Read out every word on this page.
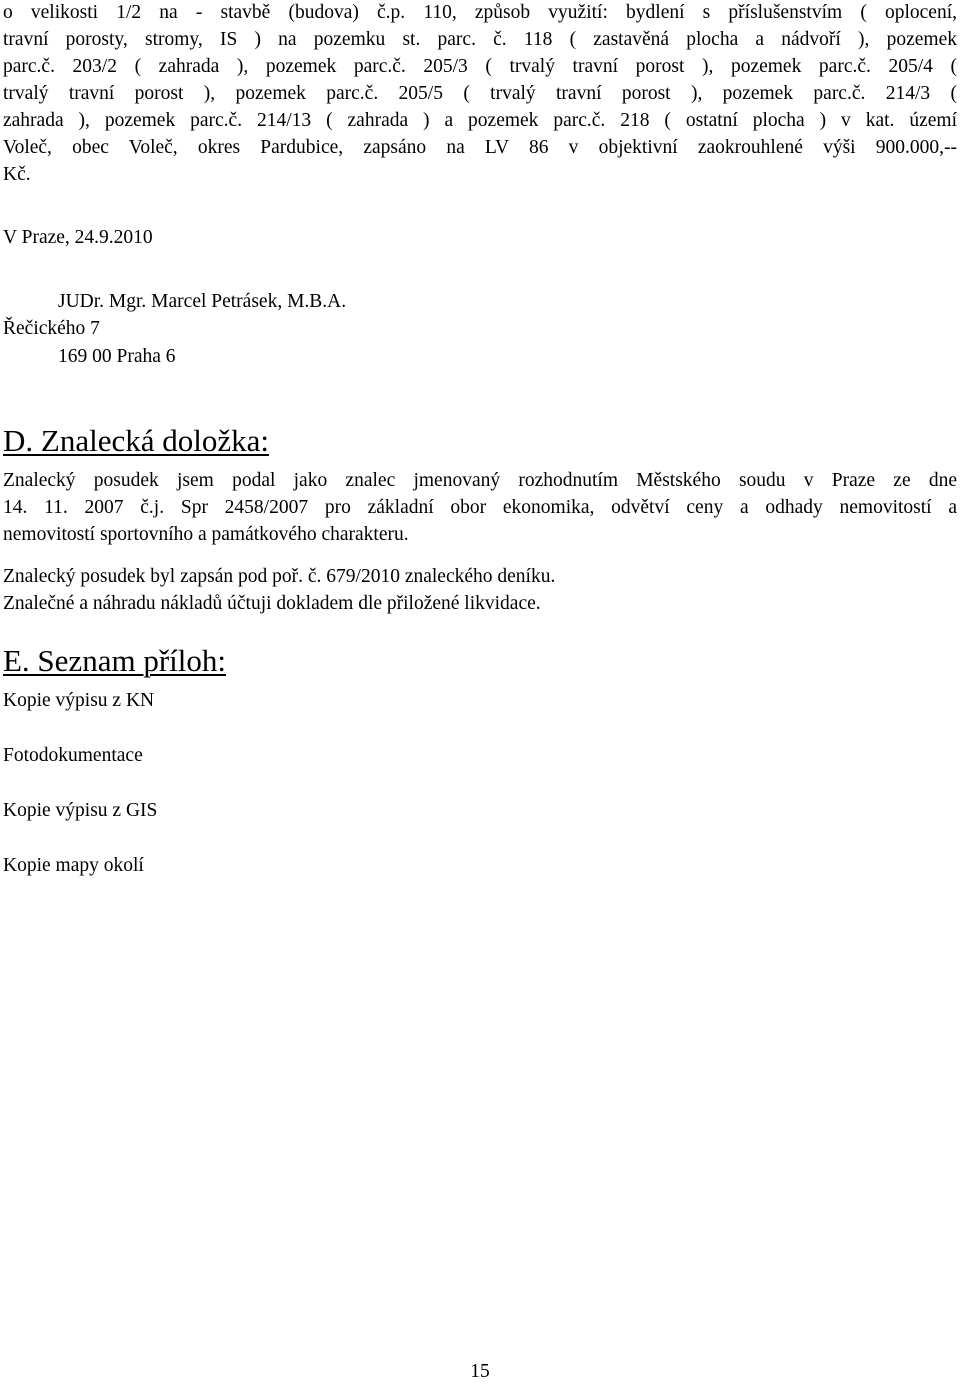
o velikosti 1/2 na - stavbě (budova) č.p. 110, způsob využití: bydlení s příslušenstvím ( oplocení,
travní porosty, stromy, IS ) na pozemku st. parc. č. 118 ( zastavěná plocha a nádvoří ), pozemek
parc.č. 203/2 ( zahrada ), pozemek parc.č. 205/3 ( trvalý travní porost ), pozemek parc.č. 205/4 (
trvalý travní porost ), pozemek parc.č. 205/5 ( trvalý travní porost ), pozemek parc.č. 214/3 (
zahrada ), pozemek parc.č. 214/13 ( zahrada ) a pozemek parc.č. 218 ( ostatní plocha ) v kat. území
Voleč, obec Voleč, okres Pardubice, zapsáno na LV 86 v objektivní zaokrouhlené výši 900.000,--
Kč.
V Praze, 24.9.2010
JUDr. Mgr. Marcel Petrásek, M.B.A.
Řečického 7
169 00 Praha 6
D. Znalecká doložka:
Znalecký posudek jsem podal jako znalec jmenovaný rozhodnutím Městského soudu v Praze ze dne
14. 11. 2007 č.j. Spr 2458/2007 pro základní obor ekonomika, odvětví ceny a odhady nemovitostí a
nemovitostí sportovního a památkového charakteru.
Znalecký posudek byl zapsán pod poř. č. 679/2010 znaleckého deníku.
Znalečné a náhradu nákladů účtuji dokladem dle přiložené likvidace.
E. Seznam příloh:
Kopie výpisu z KN
Fotodokumentace
Kopie výpisu z GIS
Kopie mapy okolí
15
